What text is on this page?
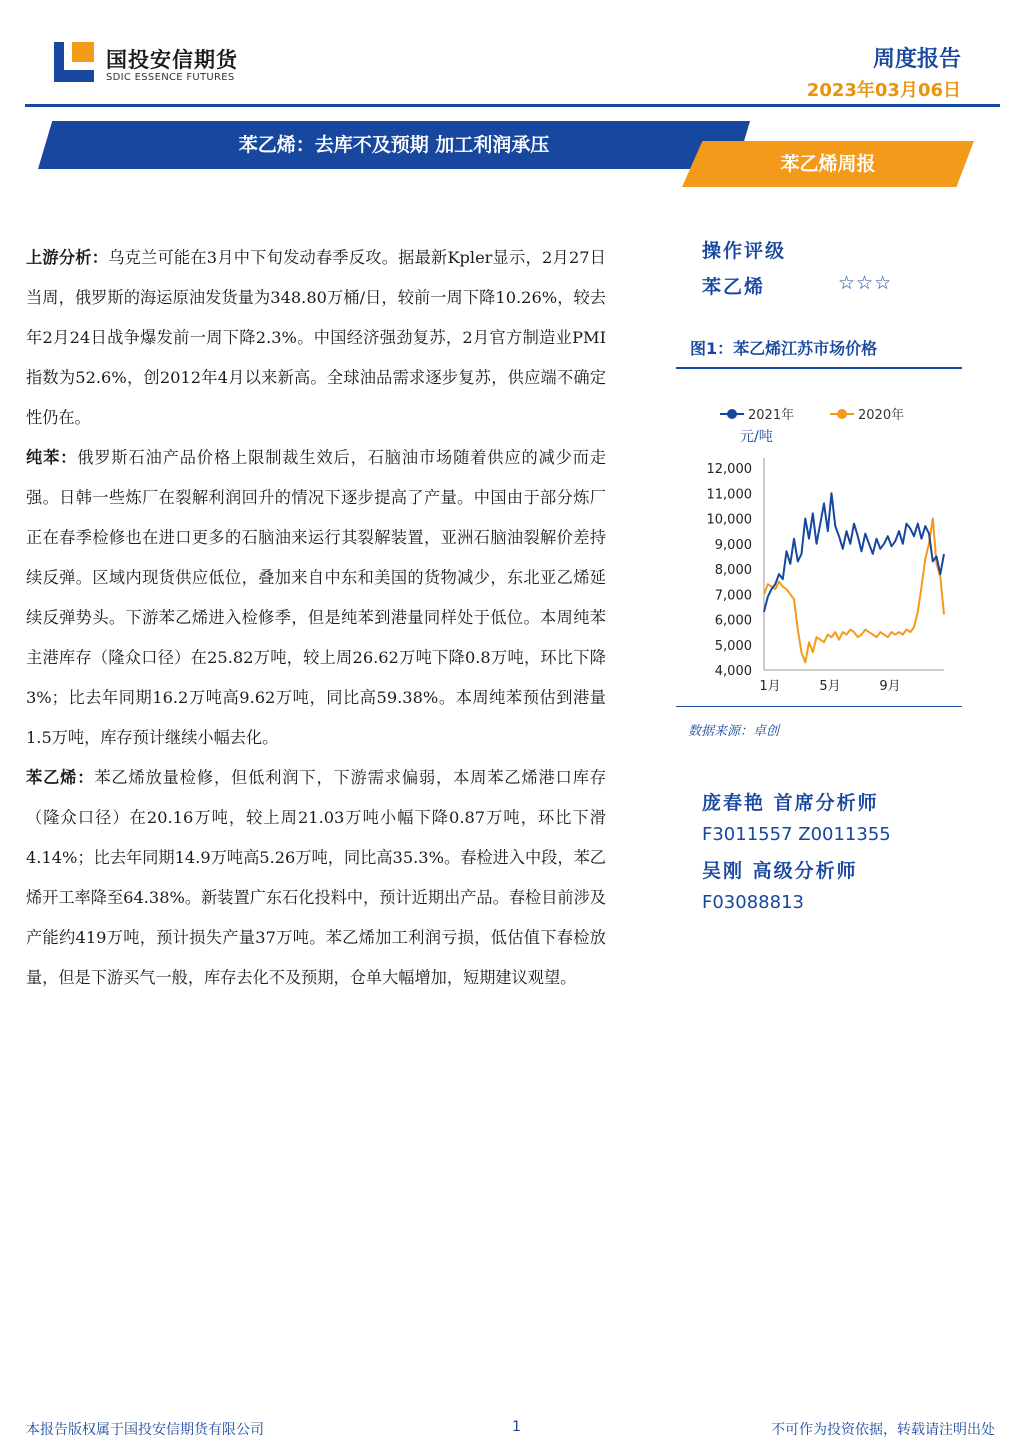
国投安信期货
SDIC ESSENCE FUTURES
周度报告
2023年03月06日
苯乙烯：去库不及预期 加工利润承压
苯乙烯周报

上游分析：乌克兰可能在3月中下旬发动春季反攻。据最新Kpler显示，2月27日当周，俄罗斯的海运原油发货量为348.80万桶/日，较前一周下降10.26%，较去年2月24日战争爆发前一周下降2.3%。中国经济强劲复苏，2月官方制造业PMI指数为52.6%，创2012年4月以来新高。全球油品需求逐步复苏，供应端不确定性仍在。

纯苯：俄罗斯石油产品价格上限制裁生效后，石脑油市场随着供应的减少而走强。日韩一些炼厂在裂解利润回升的情况下逐步提高了产量。中国由于部分炼厂正在春季检修也在进口更多的石脑油来运行其裂解装置，亚洲石脑油裂解价差持续反弹。区域内现货供应低位，叠加来自中东和美国的货物减少，东北亚乙烯延续反弹势头。下游苯乙烯进入检修季，但是纯苯到港量同样处于低位。本周纯苯主港库存（隆众口径）在25.82万吨，较上周26.62万吨下降0.8万吨，环比下降3%；比去年同期16.2万吨高9.62万吨，同比高59.38%。本周纯苯预估到港量1.5万吨，库存预计继续小幅去化。

苯乙烯：苯乙烯放量检修，但低利润下，下游需求偏弱，本周苯乙烯港口库存（隆众口径）在20.16万吨，较上周21.03万吨小幅下降0.87万吨，环比下滑4.14%；比去年同期14.9万吨高5.26万吨，同比高35.3%。春检进入中段，苯乙烯开工率降至64.38%。新装置广东石化投料中，预计近期出产品。春检目前涉及产能约419万吨，预计损失产量37万吨。苯乙烯加工利润亏损，低估值下春检放量，但是下游买气一般，库存去化不及预期，仓单大幅增加，短期建议观望。

操作评级
苯乙烯	☆☆☆
图1：苯乙烯江苏市场价格
2021年	2020年
元/吨
12,000
11,000
10,000
9,000
8,000
7,000
6,000
5,000
4,000
1月	5月	9月
数据来源：卓创
庞春艳 首席分析师
F3011557 Z0011355
吴刚 高级分析师
F03088813
本报告版权属于国投安信期货有限公司	1	不可作为投资依据，转载请注明出处
